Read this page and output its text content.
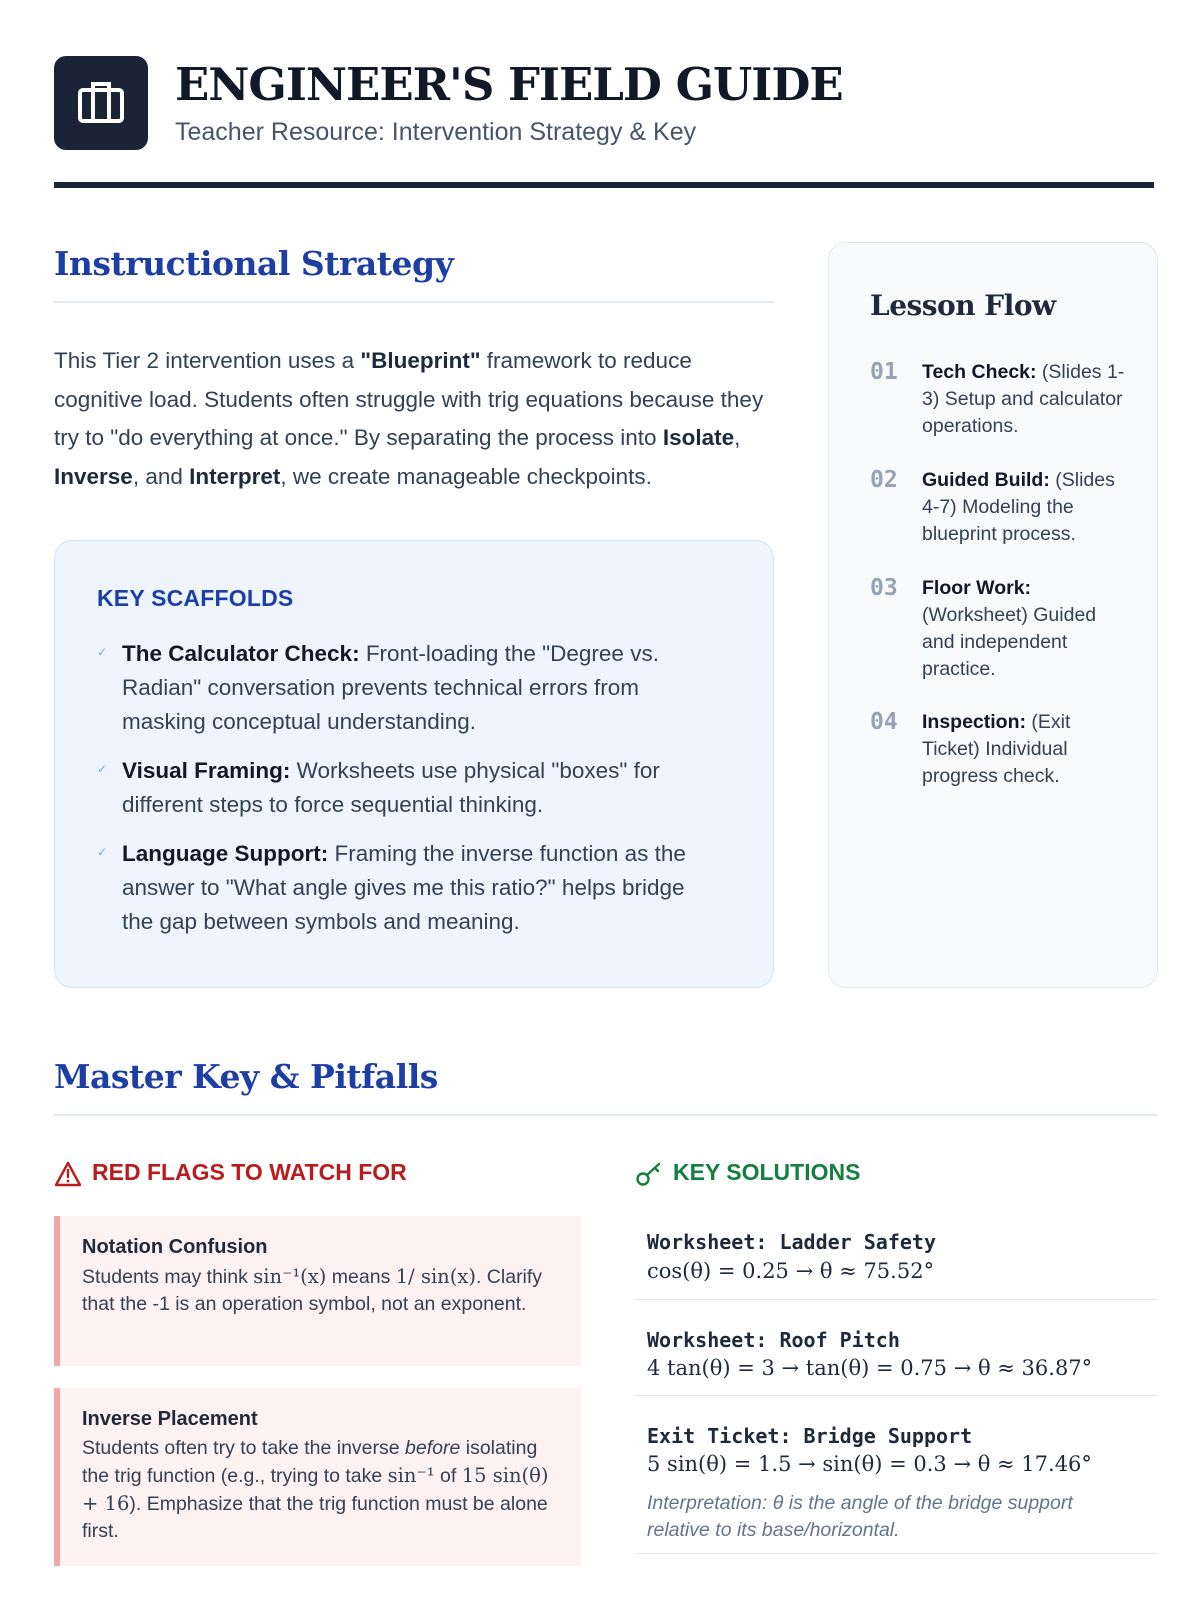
ENGINEER'S FIELD GUIDE
Teacher Resource: Intervention Strategy & Key
Instructional Strategy

This Tier 2 intervention uses a "Blueprint" framework to reduce cognitive load. Students often struggle with trig equations because they try to "do everything at once." By separating the process into Isolate, Inverse, and Interpret, we create manageable checkpoints.

KEY SCAFFOLDS
✓ The Calculator Check: Front-loading the "Degree vs. Radian" conversation prevents technical errors from masking conceptual understanding.
✓ Visual Framing: Worksheets use physical "boxes" for different steps to force sequential thinking.
✓ Language Support: Framing the inverse function as the answer to "What angle gives me this ratio?" helps bridge the gap between symbols and meaning.
Lesson Flow
01 Tech Check: (Slides 1-3) Setup and calculator operations.
02 Guided Build: (Slides 4-7) Modeling the blueprint process.
03 Floor Work: (Worksheet) Guided and independent practice.
04 Inspection: (Exit Ticket) Individual progress check.
Master Key & Pitfalls
RED FLAGS TO WATCH FOR
Notation Confusion
Students may think sin⁻¹(x) means 1/ sin(x). Clarify that the -1 is an operation symbol, not an exponent.
Inverse Placement
Students often try to take the inverse before isolating the trig function (e.g., trying to take sin⁻¹ of 15 sin(θ) + 16). Emphasize that the trig function must be alone first.
KEY SOLUTIONS
Worksheet: Ladder Safety
cos(θ) = 0.25 → θ ≈ 75.52°
Worksheet: Roof Pitch
4 tan(θ) = 3 → tan(θ) = 0.75 → θ ≈ 36.87°
Exit Ticket: Bridge Support
5 sin(θ) = 1.5 → sin(θ) = 0.3 → θ ≈ 17.46°
Interpretation: θ is the angle of the bridge support relative to its base/horizontal.
